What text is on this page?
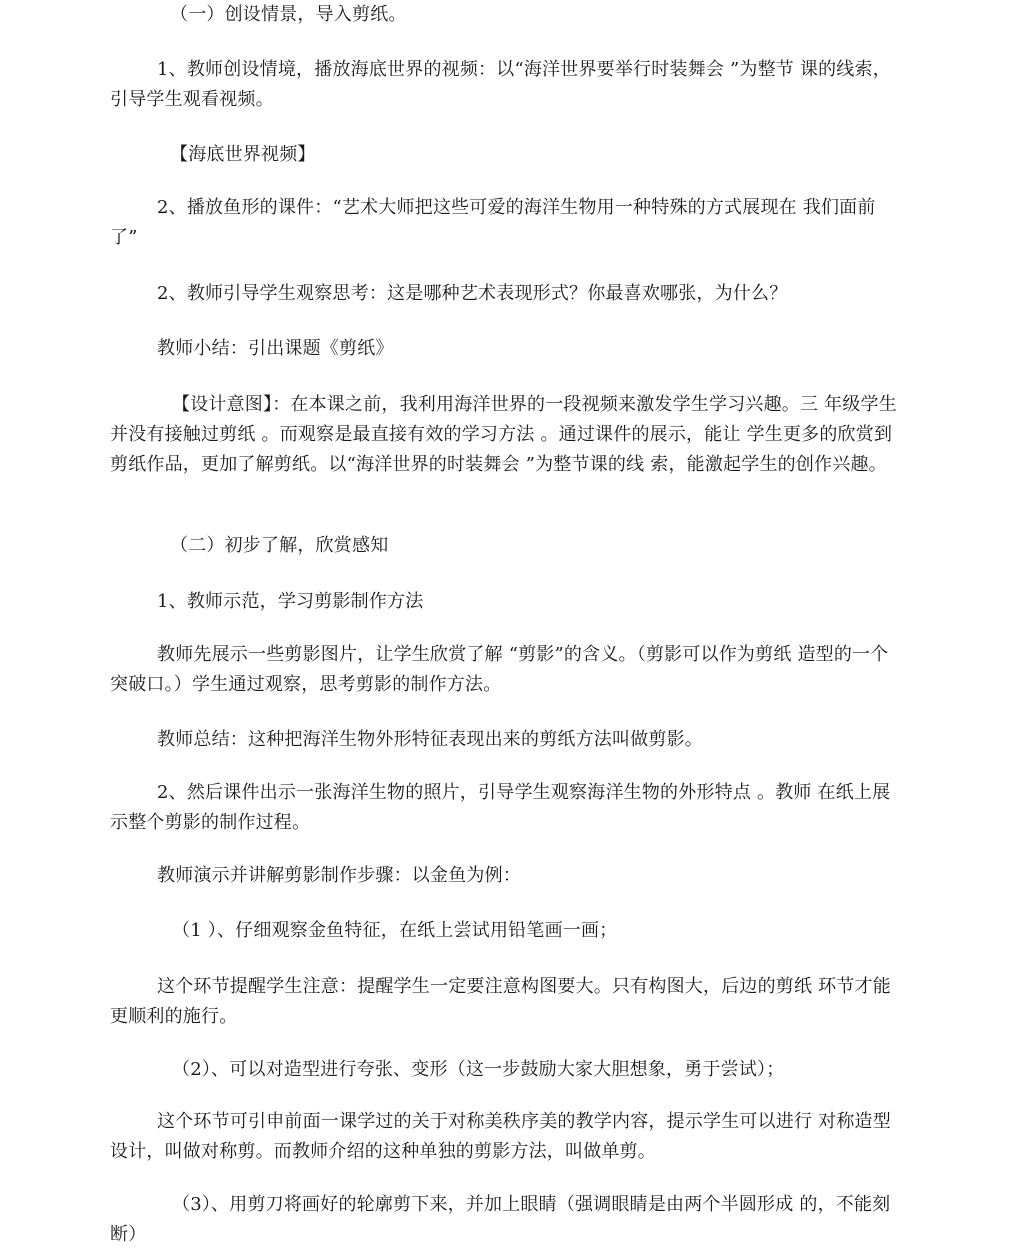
（一）创设情景，导入剪纸。

1、教师创设情境，播放海底世界的视频：以“海洋世界要举行时装舞会 ”为整节 课的线索，引导学生观看视频。

【海底世界视频】

2、播放鱼形的课件：“艺术大师把这些可爱的海洋生物用一种特殊的方式展现在 我们面前了”

2、教师引导学生观察思考：这是哪种艺术表现形式？你最喜欢哪张，为什么？

教师小结：引出课题《剪纸》

【设计意图】：在本课之前，我利用海洋世界的一段视频来激发学生学习兴趣。三 年级学生并没有接触过剪纸 。而观察是最直接有效的学习方法 。通过课件的展示，能让 学生更多的欣赏到剪纸作品，更加了解剪纸。以“海洋世界的时装舞会 ”为整节课的线 索，能激起学生的创作兴趣。

（二）初步了解，欣赏感知

1、教师示范，学习剪影制作方法

教师先展示一些剪影图片，让学生欣赏了解 “剪影”的含义。（剪影可以作为剪纸 造型的一个突破口。）学生通过观察，思考剪影的制作方法。

教师总结：这种把海洋生物外形特征表现出来的剪纸方法叫做剪影。

2、然后课件出示一张海洋生物的照片，引导学生观察海洋生物的外形特点 。教师 在纸上展示整个剪影的制作过程。

教师演示并讲解剪影制作步骤：以金鱼为例：

（1 ）、仔细观察金鱼特征，在纸上尝试用铅笔画一画；

这个环节提醒学生注意：提醒学生一定要注意构图要大。只有构图大，后边的剪纸 环节才能更顺利的施行。

（2）、可以对造型进行夸张、变形（这一步鼓励大家大胆想象，勇于尝试）；

这个环节可引申前面一课学过的关于对称美秩序美的教学内容，提示学生可以进行 对称造型设计，叫做对称剪。而教师介绍的这种单独的剪影方法，叫做单剪。

（3）、用剪刀将画好的轮廓剪下来，并加上眼睛（强调眼睛是由两个半圆形成 的，不能刻断）
